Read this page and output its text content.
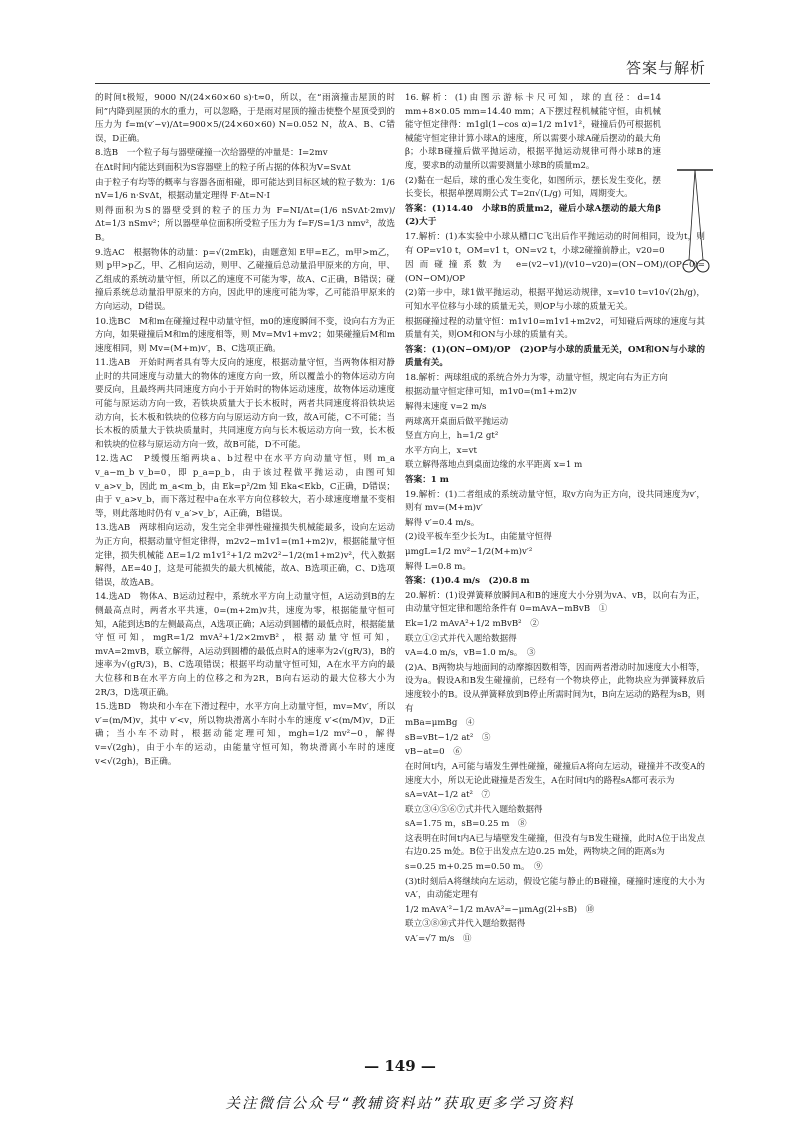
答案与解析

的时间t极短，9000 N/(24×60×60 s)·t≈0，所以，在“雨滴撞击屋顶的时间”内降到屋顶的水的重力，可以忽略，于是雨对屋顶的撞击使整个屋顶受到的压力为 f=m(v′−v)/Δt=900×5/(24×60×60) N=0.052 N，故A、B、C错误，D正确。

8.选B　一个粒子每与器壁碰撞一次给器壁的冲量是：I=2mv

在Δt时间内能达到面积为S容器壁上的粒子所占据的体积为V=SvΔt

由于粒子有均等的概率与容器各面相碰，即可能达到目标区域的粒子数为：1/6 nV=1/6 n·SvΔt，根据动量定理得 F·Δt=N·I

则得面积为S的器壁受到的粒子的压力为 F=NI/Δt=(1/6 nSvΔt·2mv)/Δt=1/3 nSmv²；所以器壁单位面积所受粒子压力为 f=F/S=1/3 nmv²，故选B。

9.选AC　根据物体的动量：p=√(2mEk)，由题意知 E甲=E乙，m甲>m乙，则 p甲>p乙，甲、乙相向运动，则甲、乙碰撞后总动量沿甲原来的方向，甲、乙组成的系统动量守恒，所以乙的速度不可能为零，故A、C正确，B错误；碰撞后系统总动量沿甲原来的方向，因此甲的速度可能为零，乙可能沿甲原来的方向运动，D错误。

10.选BC　M和m在碰撞过程中动量守恒，m0的速度瞬间不变，设向右方为正方向，如果碰撞后M和m的速度相等，则 Mv=Mv1+mv2；如果碰撞后M和m速度相同，则 Mv=(M+m)v′，B、C选项正确。

11.选AB　开始时两者具有等大反向的速度，根据动量守恒，当两物体相对静止时的共同速度与动量大的物体的速度方向一致，所以覆盖小的物体运动方向要反向，且最终两共同速度方向小于开始时的物体运动速度，故物体运动速度可能与原运动方向一致，若铁块质量大于长木板时，两者共同速度将沿铁块运动方向，长木板和铁块的位移方向与原运动方向一致，故A可能，C不可能；当长木板的质量大于铁块质量时，共同速度方向与长木板运动方向一致，长木板和铁块的位移与原运动方向一致，故B可能，D不可能。

12.选AC　P缓慢压缩两块a、b过程中在水平方向动量守恒，则 m_a v_a−m_b v_b=0，即 p_a=p_b，由于该过程做平抛运动，由图可知 v_a>v_b，因此 m_a<m_b，由 Ek=p²/2m 知 Eka<Ekb，C正确，D错误；由于 v_a>v_b，而下落过程中a在水平方向位移较大，若小球速度增量不变相等，则此落地时仍有 v_a′>v_b′，A正确，B错误。

13.选AB　两球相向运动，发生完全非弹性碰撞损失机械能最多，设向左运动为正方向，根据动量守恒定律得，m2v2−m1v1=(m1+m2)v，根据能量守恒定律，损失机械能 ΔE=1/2 m1v1²+1/2 m2v2²−1/2(m1+m2)v²，代入数据解得，ΔE=40 J，这是可能损失的最大机械能，故A、B选项正确，C、D选项错误，故选AB。

14.选AD　物体A、B运动过程中，系统水平方向上动量守恒，A运动到B的左侧最高点时，两者水平共速，0=(m+2m)v共，速度为零，根据能量守恒可知，A能到达B的左侧最高点，A选项正确；A运动到圆槽的最低点时，根据能量守恒可知，mgR=1/2 mvA²+1/2×2mvB²，根据动量守恒可知，mvA=2mvB，联立解得，A运动到圆槽的最低点时A的速率为2√(gR/3)，B的速率为√(gR/3)，B、C选项错误；根据平均动量守恒可知，A在水平方向的最大位移和B在水平方向上的位移之和为2R，B向右运动的最大位移大小为2R/3，D选项正确。

15.选BD　物块和小车在下滑过程中，水平方向上动量守恒，mv=Mv′，所以 v′=(m/M)v，其中 v′<v，所以物块滑离小车时小车的速度 v′<(m/M)v，D正确；当小车不动时，根据动能定理可知，mgh=1/2 mv²−0，解得 v=√(2gh)，由于小车的运动，由能量守恒可知，物块滑离小车时的速度 v<√(2gh)，B正确。

16.解析：(1)由图示游标卡尺可知，球的直径：d=14 mm+8×0.05 mm=14.40 mm；A下摆过程机械能守恒，由机械能守恒定律得：m1gl(1−cos α)=1/2 m1v1²，碰撞后仍可根据机械能守恒定律计算小球A的速度，所以需要小球A碰后摆动的最大角β；小球B碰撞后做平抛运动，根据平抛运动规律可得小球B的速度，要求B的动量所以需要测量小球B的质量m2。

(2)黏在一起后，球的重心发生变化，如图所示，摆长发生变化，摆长变长，根据单摆周期公式 T=2π√(L/g) 可知，周期变大。

答案：(1)14.40　小球B的质量m2，碰后小球A摆动的最大角β　(2)大于

17.解析：(1)本实验中小球从槽口C飞出后作平抛运动的时间相同，设为t，则有 OP=v10 t，OM=v1 t，ON=v2 t，小球2碰撞前静止，v20=0

因而碰撞系数为 e=(v2−v1)/(v10−v20)=(ON−OM)/(OP−0)=(ON−OM)/OP

(2)第一步中，球1做平抛运动，根据平抛运动规律，x=v10 t=v10√(2h/g)，可知水平位移与小球的质量无关，则OP与小球的质量无关。

根据碰撞过程的动量守恒：m1v10=m1v1+m2v2，可知碰后两球的速度与其质量有关，则OM和ON与小球的质量有关。

答案：(1)(ON−OM)/OP　(2)OP与小球的质量无关，OM和ON与小球的质量有关。

18.解析：两球组成的系统合外力为零，动量守恒，规定向右为正方向

根据动量守恒定律可知，m1v0=(m1+m2)v

解得末速度 v=2 m/s

两球离开桌面后做平抛运动

竖直方向上，h=1/2 gt²

水平方向上，x=vt

联立解得落地点到桌面边缘的水平距离 x=1 m

答案：1 m

19.解析：(1)二者组成的系统动量守恒，取v方向为正方向，设共同速度为v′，则有 mv=(M+m)v′

解得 v′=0.4 m/s。

(2)设平板车至少长为L，由能量守恒得

μmgL=1/2 mv²−1/2(M+m)v′²

解得 L=0.8 m。

答案：(1)0.4 m/s　(2)0.8 m

20.解析：(1)设弹簧释放瞬间A和B的速度大小分别为vA、vB，以向右为正，由动量守恒定律和题给条件有 0=mAvA−mBvB　①

Ek=1/2 mAvA²+1/2 mBvB²　②

联立①②式并代入题给数据得

vA=4.0 m/s，vB=1.0 m/s。　③

(2)A、B两物块与地面间的动摩擦因数相等，因而两者滑动时加速度大小相等，设为a。假设A和B发生碰撞前，已经有一个物块停止，此物块应为弹簧释放后速度较小的B。设从弹簧释放到B停止所需时间为t，B向左运动的路程为sB，则有

mBa=μmBg　④

sB=vBt−1/2 at²　⑤

vB−at=0　⑥

在时间t内，A可能与墙发生弹性碰撞，碰撞后A将向左运动，碰撞并不改变A的速度大小，所以无论此碰撞是否发生，A在时间t内的路程sA都可表示为

sA=vAt−1/2 at²　⑦

联立③④⑤⑥⑦式并代入题给数据得

sA=1.75 m，sB=0.25 m　⑧

这表明在时间t内A已与墙壁发生碰撞，但没有与B发生碰撞，此时A位于出发点右边0.25 m处。B位于出发点左边0.25 m处，两物块之间的距离s为

s=0.25 m+0.25 m=0.50 m。　⑨

(3)t时刻后A将继续向左运动，假设它能与静止的B碰撞，碰撞时速度的大小为vA′，由动能定理有

1/2 mAvA′²−1/2 mAvA²=−μmAg(2l+sB)　⑩

联立③⑧⑩式并代入题给数据得

vA′=√7 m/s　⑪

— 149 —
关注微信公众号“教辅资料站”获取更多学习资料
